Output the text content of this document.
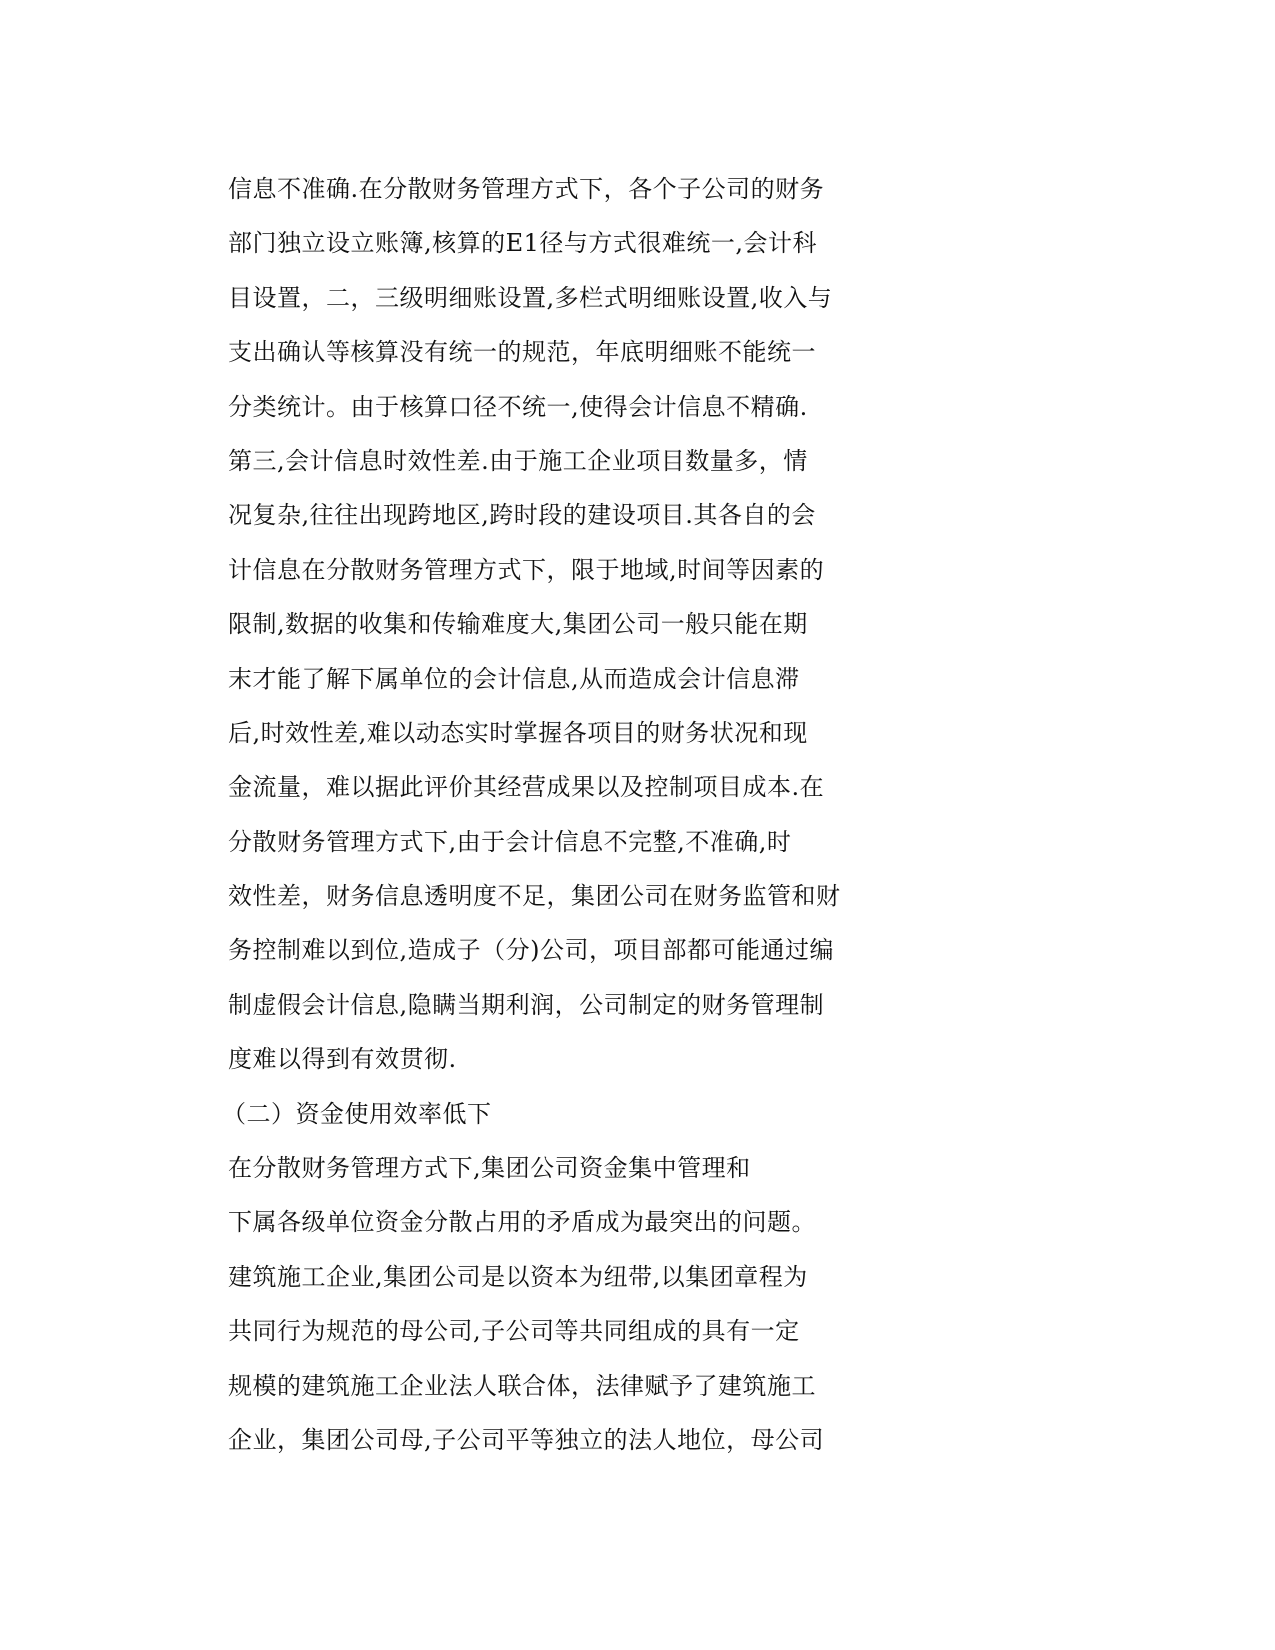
信息不准确.在分散财务管理方式下，各个子公司的财务
部门独立设立账簿,核算的E1径与方式很难统一,会计科
目设置，二，三级明细账设置,多栏式明细账设置,收入与
支出确认等核算没有统一的规范，年底明细账不能统一
分类统计。由于核算口径不统一,使得会计信息不精确.
第三,会计信息时效性差.由于施工企业项目数量多，情
况复杂,往往出现跨地区,跨时段的建设项目.其各自的会
计信息在分散财务管理方式下，限于地域,时间等因素的
限制,数据的收集和传输难度大,集团公司一般只能在期
末才能了解下属单位的会计信息,从而造成会计信息滞
后,时效性差,难以动态实时掌握各项目的财务状况和现
金流量，难以据此评价其经营成果以及控制项目成本.在
分散财务管理方式下,由于会计信息不完整,不准确,时
效性差，财务信息透明度不足，集团公司在财务监管和财
务控制难以到位,造成子（分)公司，项目部都可能通过编
制虚假会计信息,隐瞒当期利润，公司制定的财务管理制
度难以得到有效贯彻.
（二）资金使用效率低下
在分散财务管理方式下,集团公司资金集中管理和
下属各级单位资金分散占用的矛盾成为最突出的问题。
建筑施工企业,集团公司是以资本为纽带,以集团章程为
共同行为规范的母公司,子公司等共同组成的具有一定
规模的建筑施工企业法人联合体，法律赋予了建筑施工
企业，集团公司母,子公司平等独立的法人地位，母公司
